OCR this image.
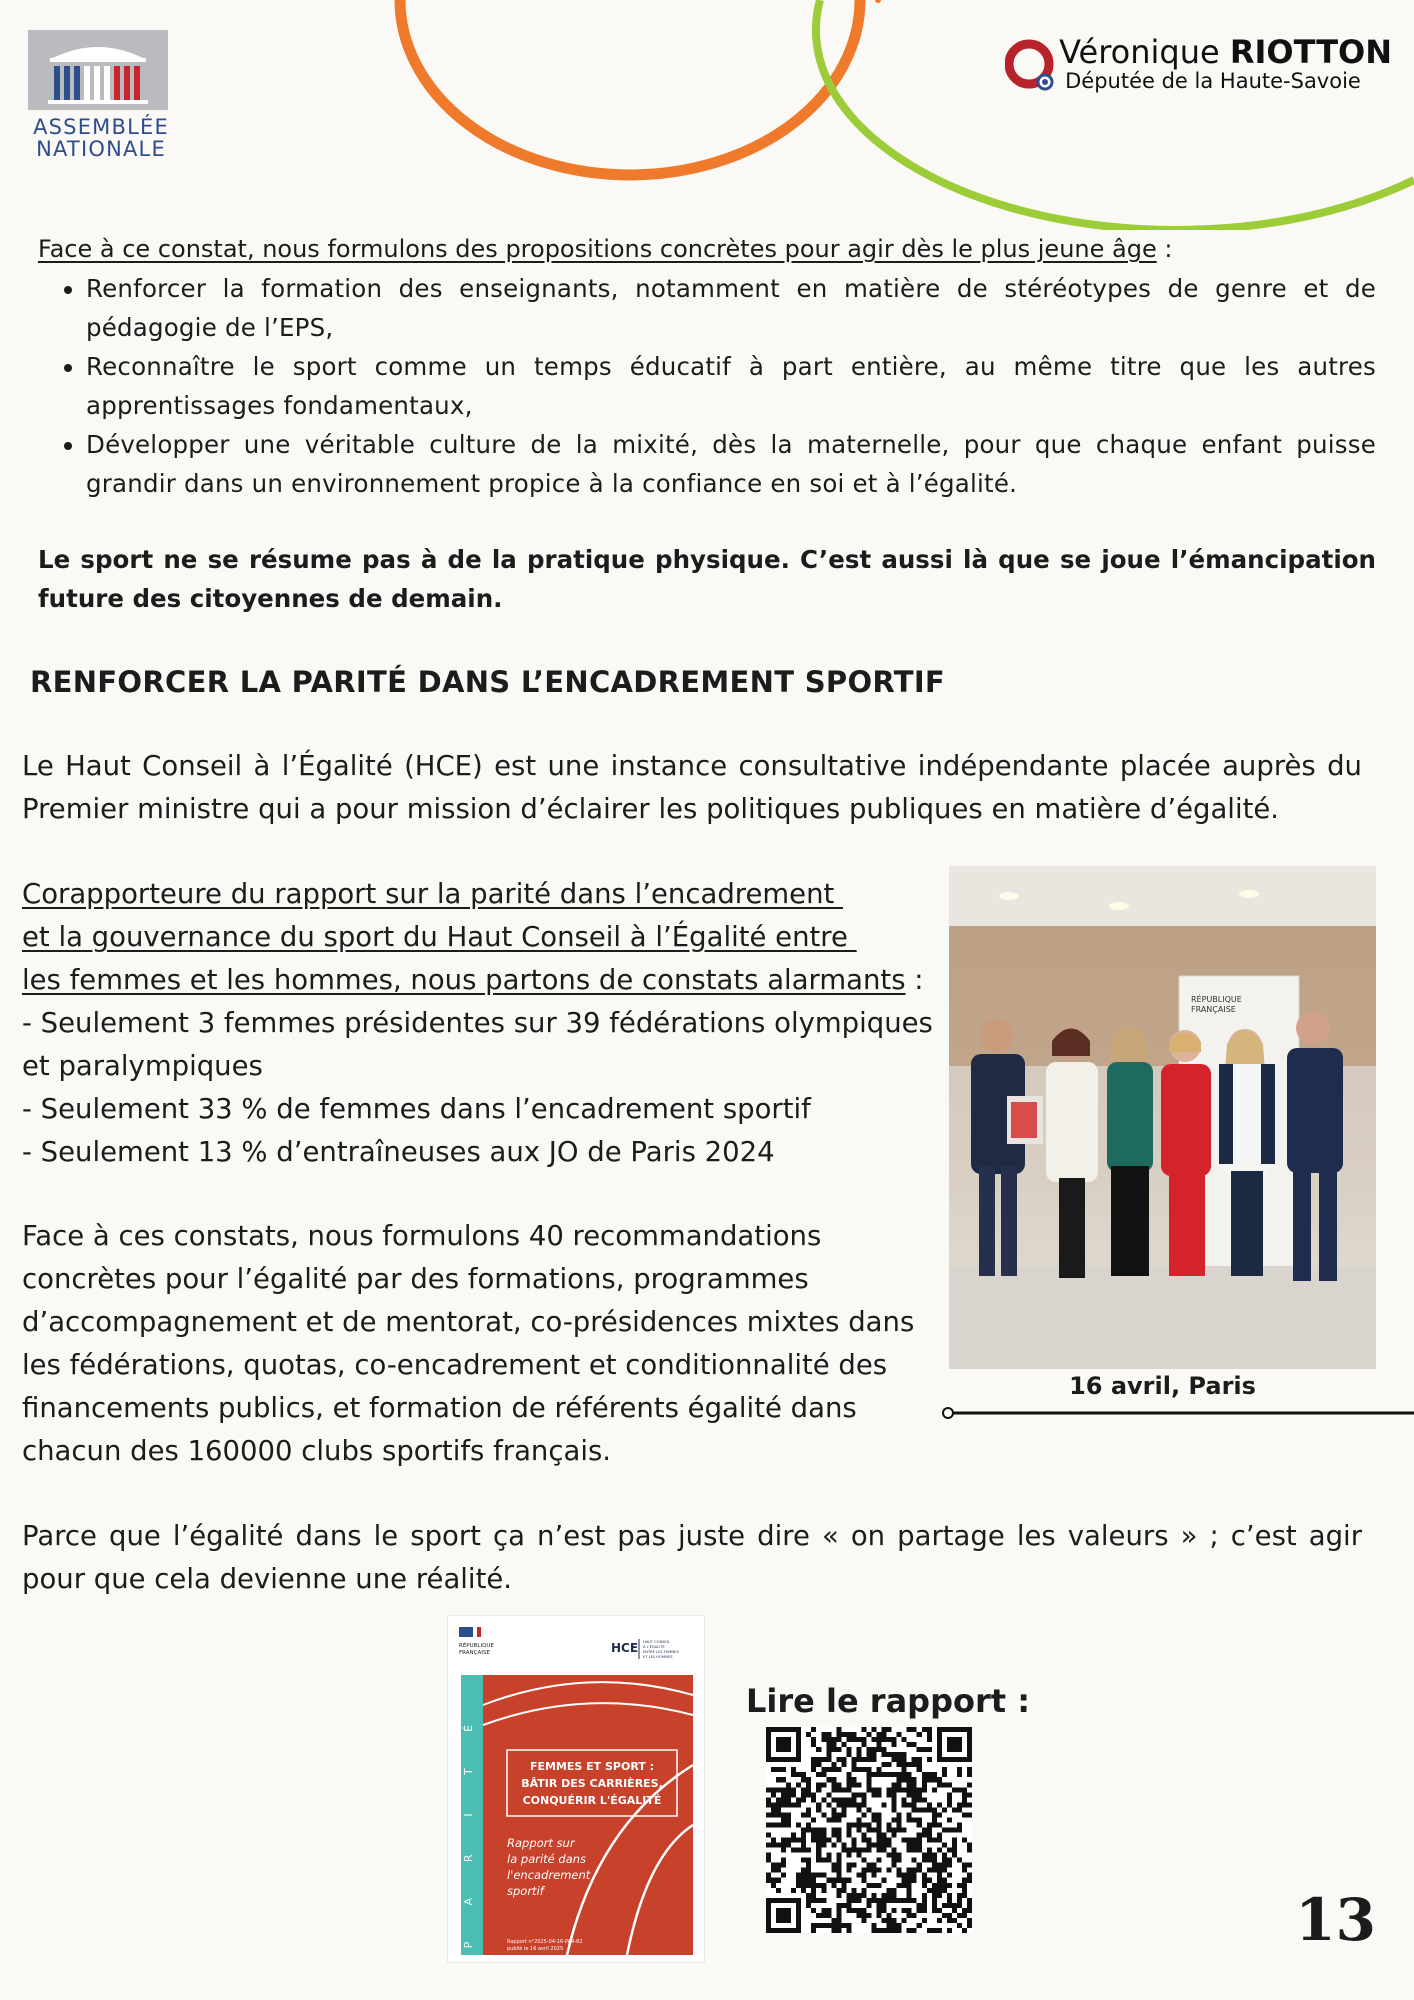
ASSEMBLÉE
NATIONALE
Véronique RIOTTON
Députée de la Haute-Savoie
Face à ce constat, nous formulons des propositions concrètes pour agir dès le plus jeune âge :
• Renforcer la formation des enseignants, notamment en matière de stéréotypes de genre et de pédagogie de l’EPS,
• Reconnaître le sport comme un temps éducatif à part entière, au même titre que les autres apprentissages fondamentaux,
• Développer une véritable culture de la mixité, dès la maternelle, pour que chaque enfant puisse grandir dans un environnement propice à la confiance en soi et à l’égalité.
Le sport ne se résume pas à de la pratique physique. C’est aussi là que se joue l’émancipation future des citoyennes de demain.
RENFORCER LA PARITÉ DANS L’ENCADREMENT SPORTIF
Le Haut Conseil à l’Égalité (HCE) est une instance consultative indépendante placée auprès du Premier ministre qui a pour mission d’éclairer les politiques publiques en matière d’égalité.
Corapporteure du rapport sur la parité dans l’encadrement
et la gouvernance du sport du Haut Conseil à l’Égalité entre
les femmes et les hommes, nous partons de constats alarmants :
- Seulement 3 femmes présidentes sur 39 fédérations olympiques et paralympiques
- Seulement 33 % de femmes dans l’encadrement sportif
- Seulement 13 % d’entraîneuses aux JO de Paris 2024
Face à ces constats, nous formulons 40 recommandations concrètes pour l’égalité par des formations, programmes d’accompagnement et de mentorat, co-présidences mixtes dans les fédérations, quotas, co-encadrement et conditionnalité des financements publics, et formation de référents égalité dans chacun des 160000 clubs sportifs français.
RÉPUBLIQUE
FRANÇAISE
16 avril, Paris
Parce que l’égalité dans le sport ça n’est pas juste dire « on partage les valeurs » ; c’est agir pour que cela devienne une réalité.
RÉPUBLIQUE
FRANÇAISE	HCE HAUT CONSEIL
À L'ÉGALITÉ
ENTRE LES FEMMES
ET LES HOMMES
P
A
R
I
T
É
FEMMES ET SPORT :
BÂTIR DES CARRIÈRES,
CONQUÉRIR L'ÉGALITÉ
Rapport sur
la parité dans
l'encadrement
sportif
Rapport n°2025-04-16-PAR-82
publié le 16 avril 2025
Lire le rapport :
13
